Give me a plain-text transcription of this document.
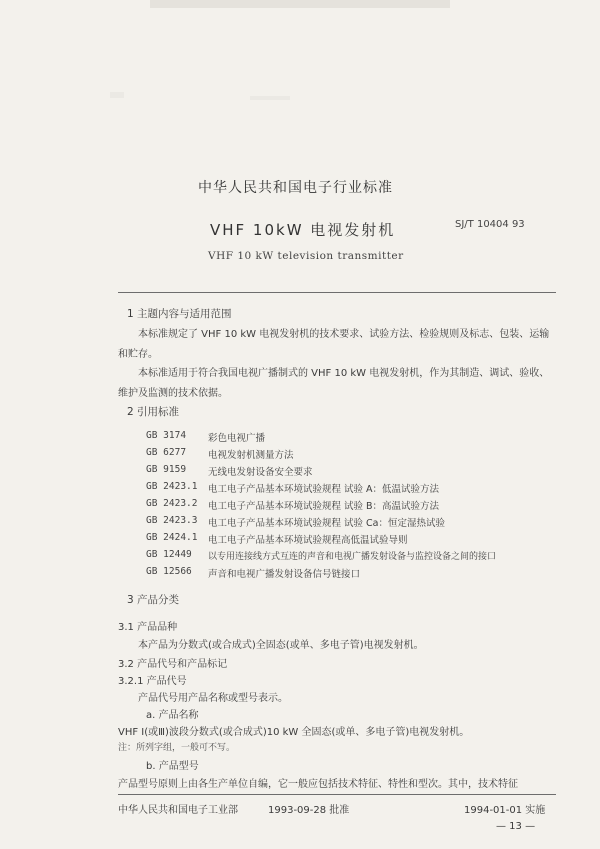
中华人民共和国电子行业标准
VHF 10kW 电视发射机	SJ/T 10404 93
VHF 10 kW television transmitter
1 主题内容与适用范围
本标准规定了 VHF 10 kW 电视发射机的技术要求、试验方法、检验规则及标志、包装、运输和贮存。
本标准适用于符合我国电视广播制式的 VHF 10 kW 电视发射机，作为其制造、调试、验收、维护及监测的技术依据。
2 引用标准
GB 3174 彩色电视广播
GB 6277 电视发射机测量方法
GB 9159 无线电发射设备安全要求
GB 2423.1 电工电子产品基本环境试验规程 试验 A：低温试验方法
GB 2423.2 电工电子产品基本环境试验规程 试验 B：高温试验方法
GB 2423.3 电工电子产品基本环境试验规程 试验 Ca：恒定湿热试验
GB 2424.1 电工电子产品基本环境试验规程高低温试验导则
GB 12449 以专用连接线方式互连的声音和电视广播发射设备与监控设备之间的接口
GB 12566 声音和电视广播发射设备信号链接口
3 产品分类
3.1 产品品种
本产品为分数式(或合成式)全固态(或单、多电子管)电视发射机。
3.2 产品代号和产品标记
3.2.1 产品代号
产品代号用产品名称或型号表示。
a. 产品名称
VHF Ⅰ(或Ⅲ)波段分数式(或合成式)10 kW 全固态(或单、多电子管)电视发射机。
注：所列字组，一般可不写。
b. 产品型号
产品型号原则上由各生产单位自编，它一般应包括技术特征、特性和型次。其中，技术特征
中华人民共和国电子工业部	1993-09-28 批准	1994-01-01 实施
— 13 —
